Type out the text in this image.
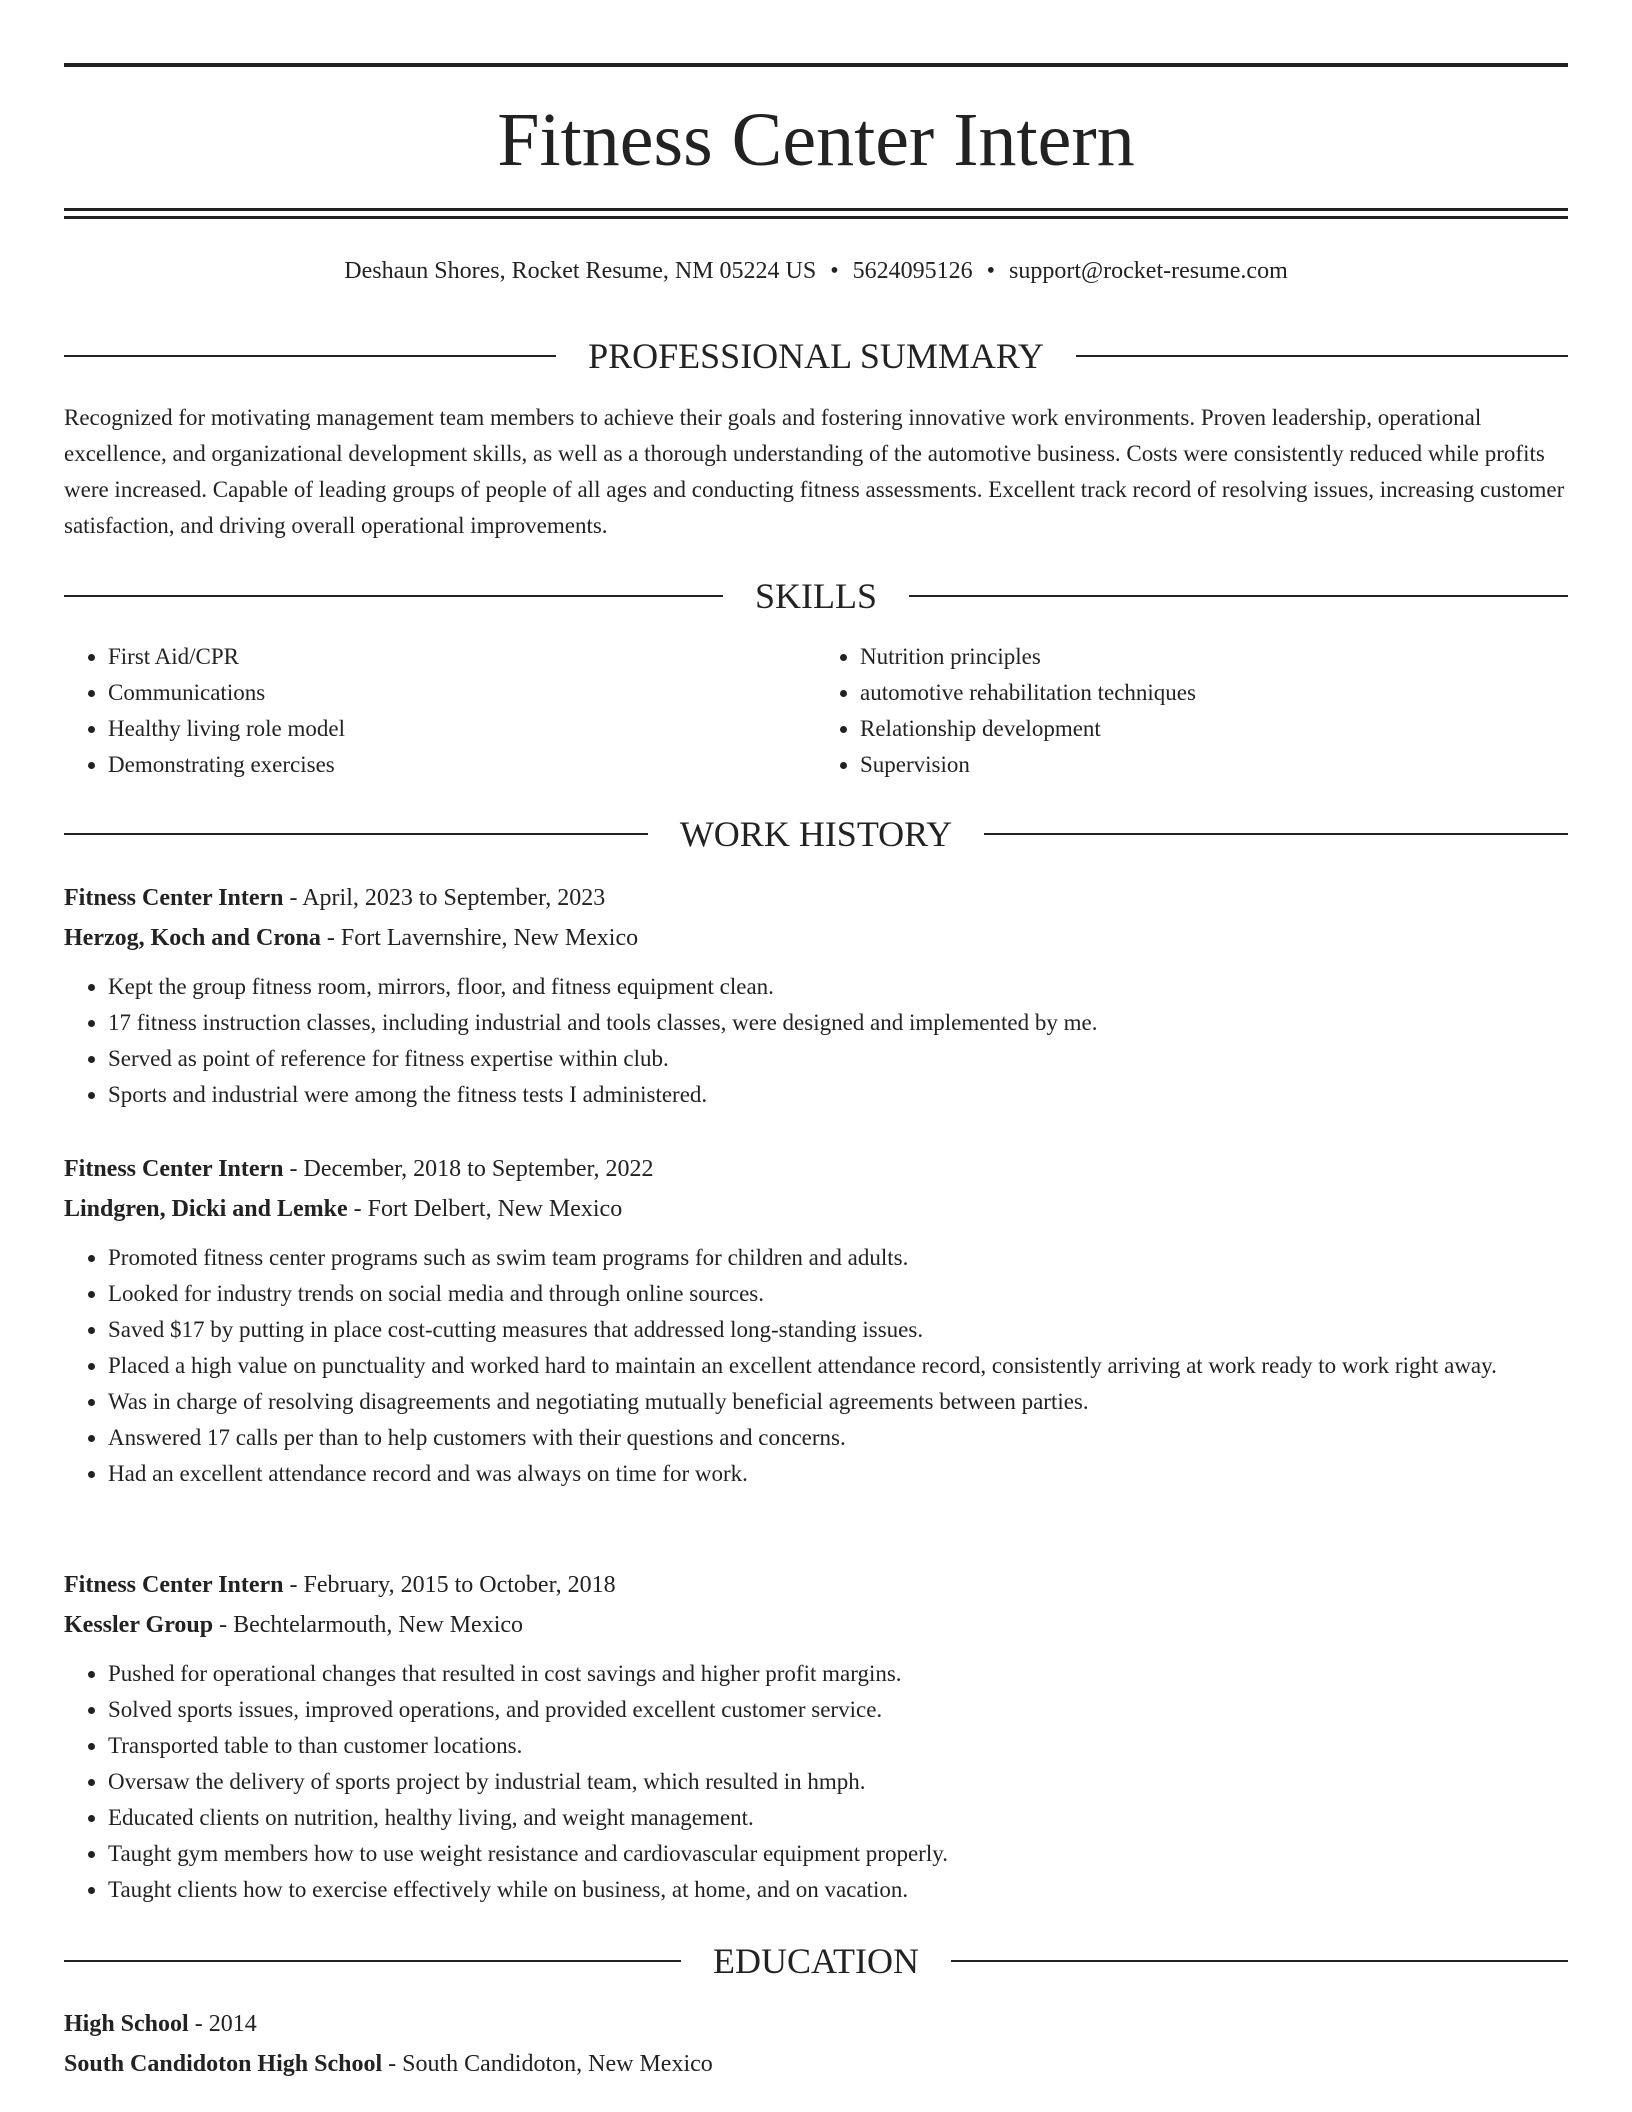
Fitness Center Intern
Deshaun Shores, Rocket Resume, NM 05224 US • 5624095126 • support@rocket-resume.com
PROFESSIONAL SUMMARY

Recognized for motivating management team members to achieve their goals and fostering innovative work environments. Proven leadership, operational excellence, and organizational development skills, as well as a thorough understanding of the automotive business. Costs were consistently reduced while profits were increased. Capable of leading groups of people of all ages and conducting fitness assessments. Excellent track record of resolving issues, increasing customer satisfaction, and driving overall operational improvements.

SKILLS
• First Aid/CPR
• Communications
• Healthy living role model
• Demonstrating exercises
• Nutrition principles
• automotive rehabilitation techniques
• Relationship development
• Supervision
WORK HISTORY

Fitness Center Intern - April, 2023 to September, 2023

Herzog, Koch and Crona - Fort Lavernshire, New Mexico

• Kept the group fitness room, mirrors, floor, and fitness equipment clean.
• 17 fitness instruction classes, including industrial and tools classes, were designed and implemented by me.
• Served as point of reference for fitness expertise within club.
• Sports and industrial were among the fitness tests I administered.

Fitness Center Intern - December, 2018 to September, 2022

Lindgren, Dicki and Lemke - Fort Delbert, New Mexico

• Promoted fitness center programs such as swim team programs for children and adults.
• Looked for industry trends on social media and through online sources.
• Saved $17 by putting in place cost-cutting measures that addressed long-standing issues.
• Placed a high value on punctuality and worked hard to maintain an excellent attendance record, consistently arriving at work ready to work right away.
• Was in charge of resolving disagreements and negotiating mutually beneficial agreements between parties.
• Answered 17 calls per than to help customers with their questions and concerns.
• Had an excellent attendance record and was always on time for work.

Fitness Center Intern - February, 2015 to October, 2018

Kessler Group - Bechtelarmouth, New Mexico

• Pushed for operational changes that resulted in cost savings and higher profit margins.
• Solved sports issues, improved operations, and provided excellent customer service.
• Transported table to than customer locations.
• Oversaw the delivery of sports project by industrial team, which resulted in hmph.
• Educated clients on nutrition, healthy living, and weight management.
• Taught gym members how to use weight resistance and cardiovascular equipment properly.
• Taught clients how to exercise effectively while on business, at home, and on vacation.
EDUCATION

High School - 2014

South Candidoton High School - South Candidoton, New Mexico
